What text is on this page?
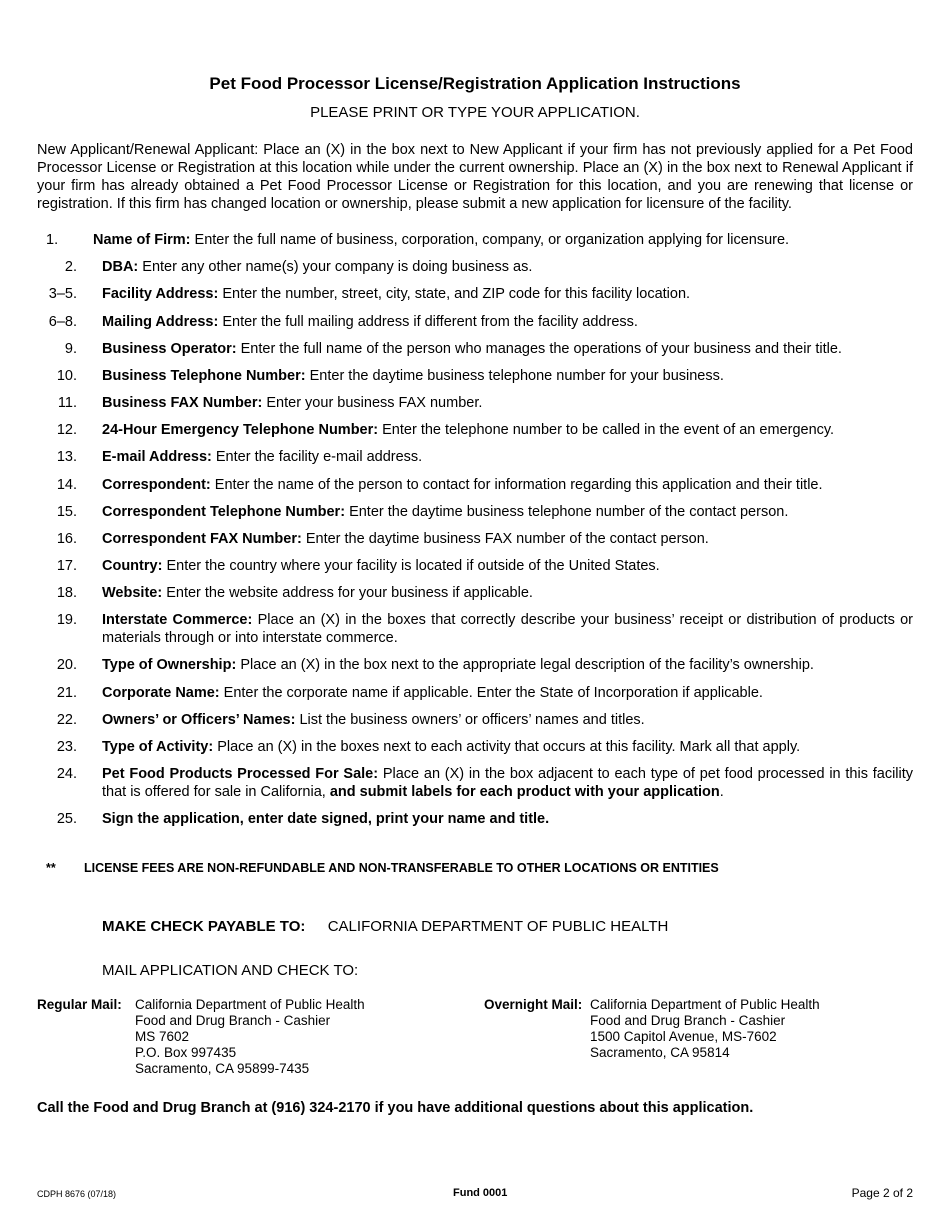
Pet Food Processor License/Registration Application Instructions
PLEASE PRINT OR TYPE YOUR APPLICATION.
New Applicant/Renewal Applicant: Place an (X) in the box next to New Applicant if your firm has not previously applied for a Pet Food Processor License or Registration at this location while under the current ownership. Place an (X) in the box next to Renewal Applicant if your firm has already obtained a Pet Food Processor License or Registration for this location, and you are renewing that license or registration. If this firm has changed location or ownership, please submit a new application for licensure of the facility.
1. Name of Firm: Enter the full name of business, corporation, company, or organization applying for licensure.
2. DBA: Enter any other name(s) your company is doing business as.
3–5. Facility Address: Enter the number, street, city, state, and ZIP code for this facility location.
6–8. Mailing Address: Enter the full mailing address if different from the facility address.
9. Business Operator: Enter the full name of the person who manages the operations of your business and their title.
10. Business Telephone Number: Enter the daytime business telephone number for your business.
11. Business FAX Number: Enter your business FAX number.
12. 24-Hour Emergency Telephone Number: Enter the telephone number to be called in the event of an emergency.
13. E-mail Address: Enter the facility e-mail address.
14. Correspondent: Enter the name of the person to contact for information regarding this application and their title.
15. Correspondent Telephone Number: Enter the daytime business telephone number of the contact person.
16. Correspondent FAX Number: Enter the daytime business FAX number of the contact person.
17. Country: Enter the country where your facility is located if outside of the United States.
18. Website: Enter the website address for your business if applicable.
19. Interstate Commerce: Place an (X) in the boxes that correctly describe your business’ receipt or distribution of products or materials through or into interstate commerce.
20. Type of Ownership: Place an (X) in the box next to the appropriate legal description of the facility’s ownership.
21. Corporate Name: Enter the corporate name if applicable. Enter the State of Incorporation if applicable.
22. Owners’ or Officers’ Names: List the business owners’ or officers’ names and titles.
23. Type of Activity: Place an (X) in the boxes next to each activity that occurs at this facility. Mark all that apply.
24. Pet Food Products Processed For Sale: Place an (X) in the box adjacent to each type of pet food processed in this facility that is offered for sale in California, and submit labels for each product with your application.
25. Sign the application, enter date signed, print your name and title.
** LICENSE FEES ARE NON-REFUNDABLE AND NON-TRANSFERABLE TO OTHER LOCATIONS OR ENTITIES
MAKE CHECK PAYABLE TO: CALIFORNIA DEPARTMENT OF PUBLIC HEALTH
MAIL APPLICATION AND CHECK TO:
Regular Mail: California Department of Public Health
Food and Drug Branch - Cashier
MS 7602
P.O. Box 997435
Sacramento, CA 95899-7435
Overnight Mail: California Department of Public Health
Food and Drug Branch - Cashier
1500 Capitol Avenue, MS-7602
Sacramento, CA 95814
Call the Food and Drug Branch at (916) 324-2170 if you have additional questions about this application.
CDPH 8676 (07/18)	Fund 0001	Page 2 of 2
